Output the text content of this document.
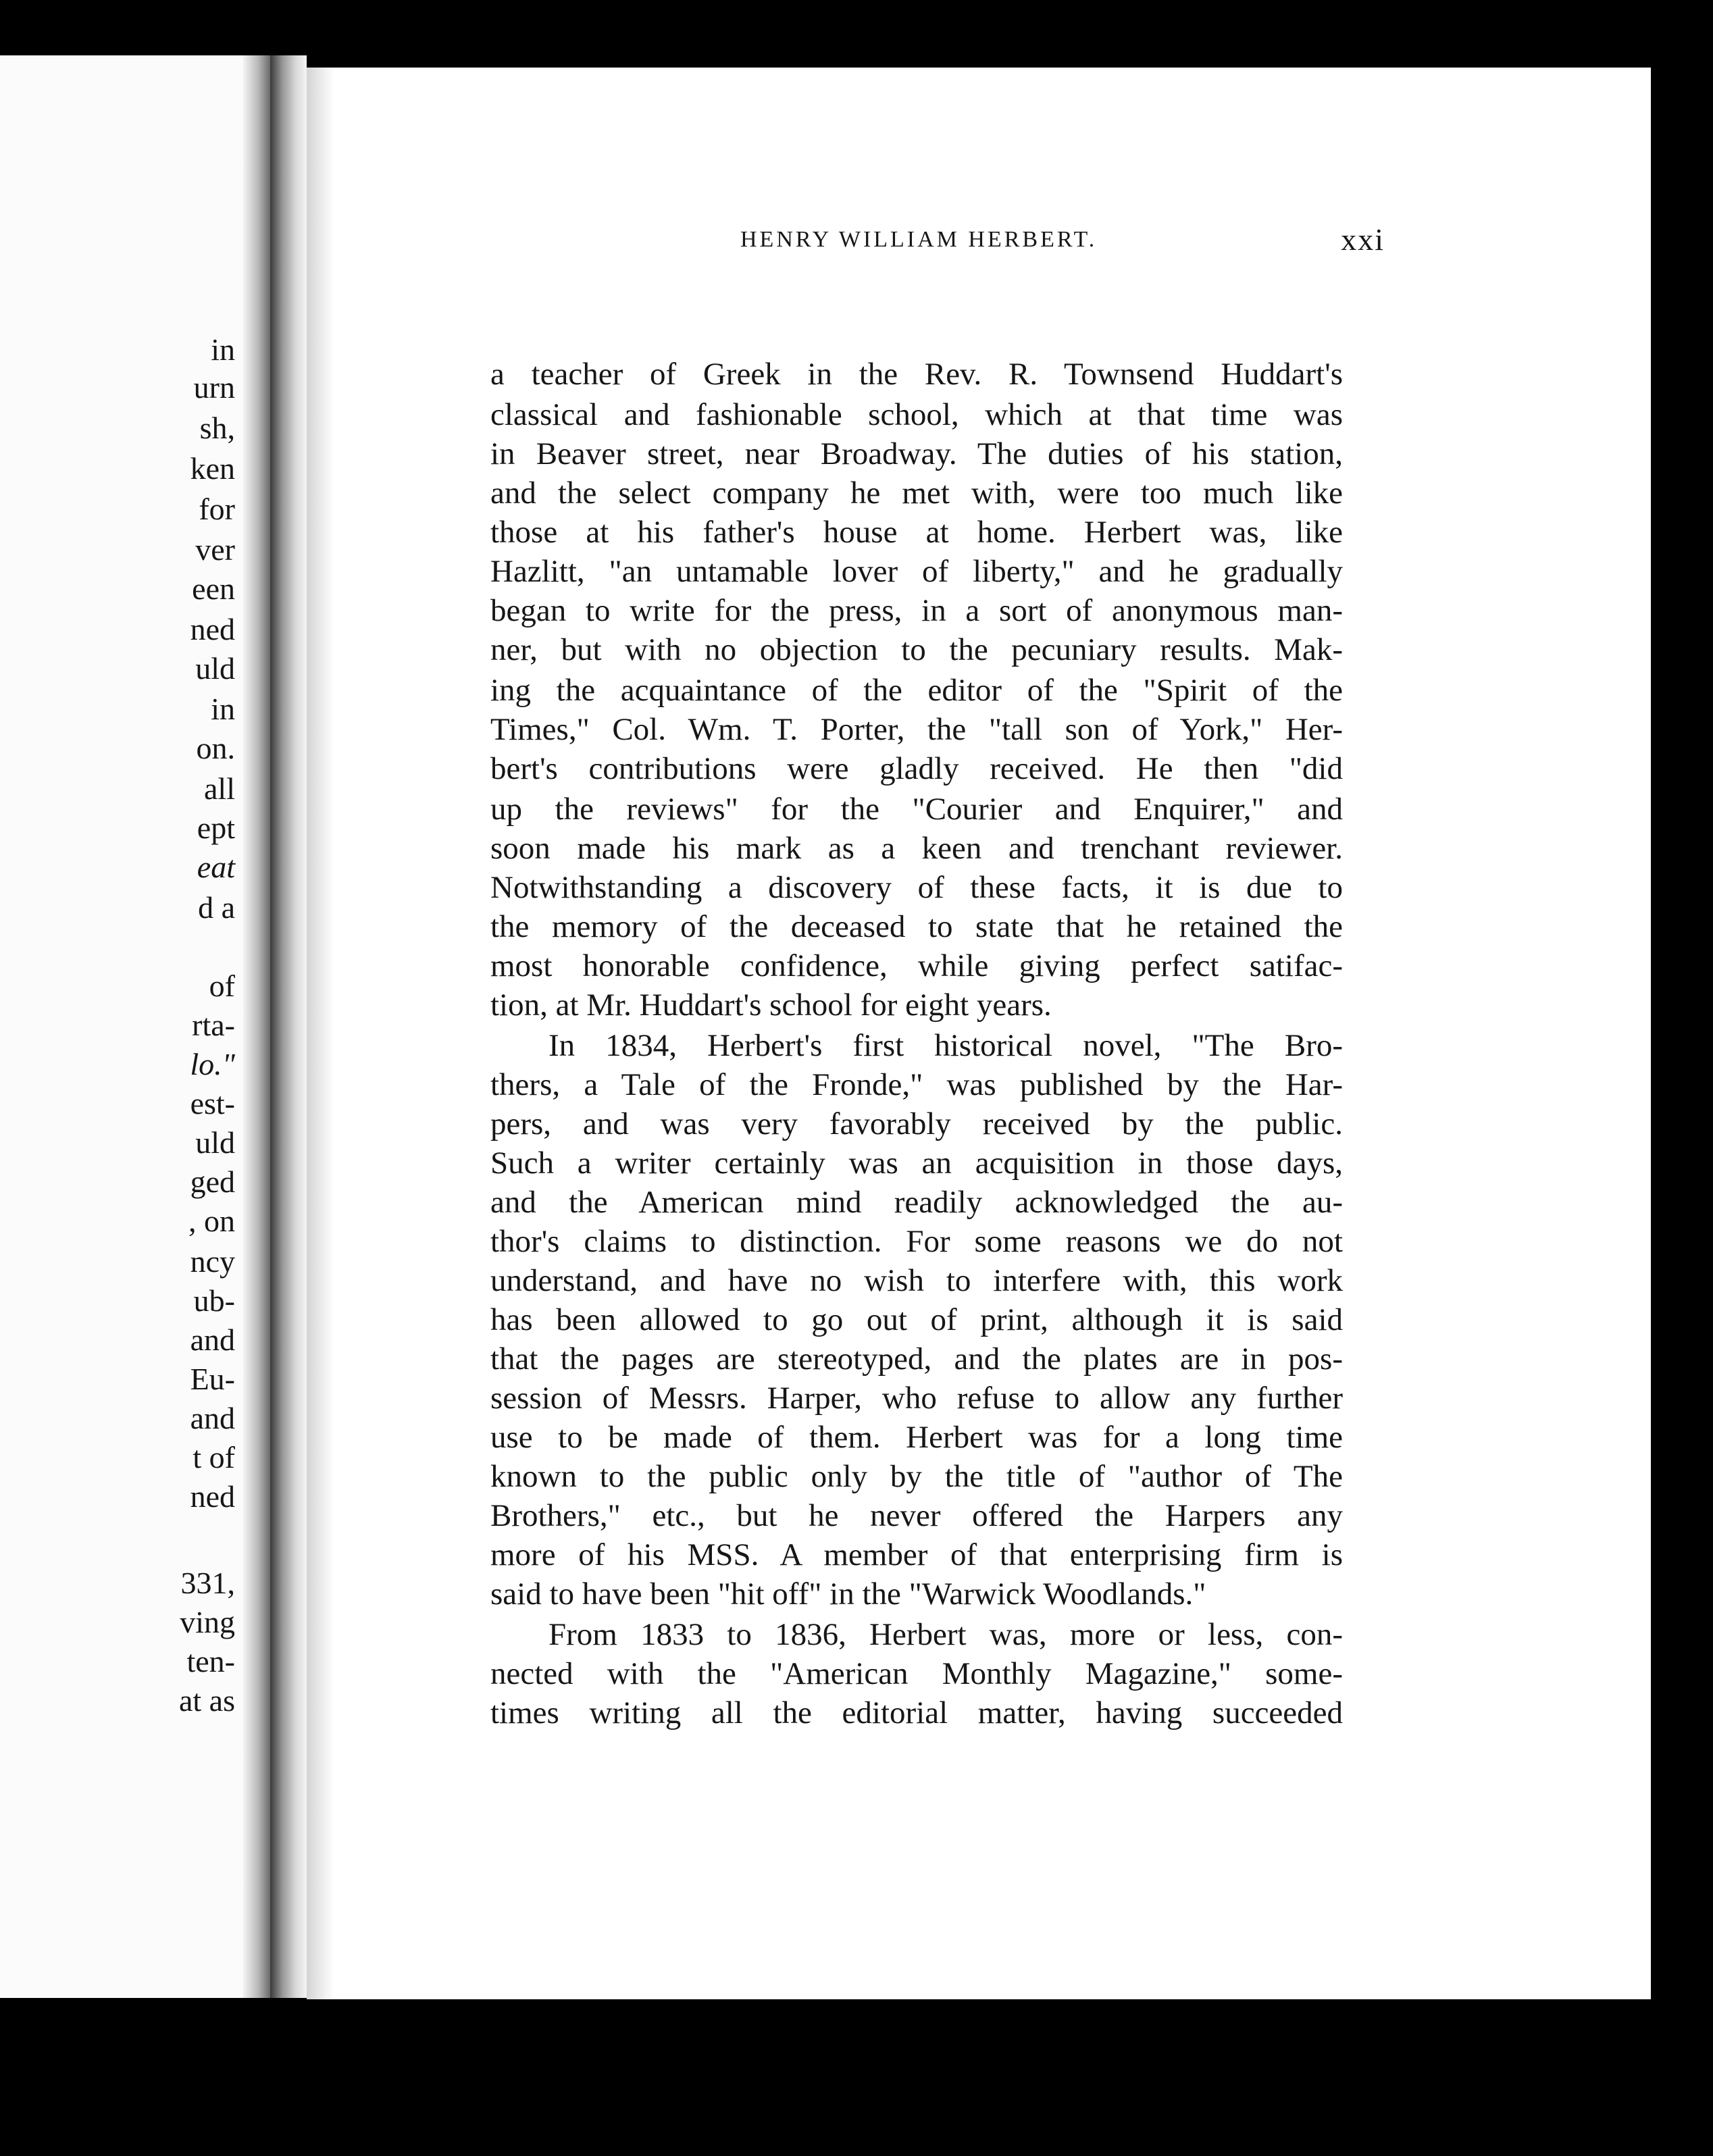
in
urn
sh,
ken
for
ver
een
ned
uld
in
on.
all
ept
eat
d a
of
rta-
lo."
est-
uld
ged
, on
ncy
ub-
and
Eu-
and
t of
ned
331,
ving
ten-
at as
HENRY WILLIAM HERBERT.	xxi
a teacher of Greek in the Rev. R. Townsend Huddart's
classical and fashionable school, which at that time was
in Beaver street, near Broadway. The duties of his station,
and the select company he met with, were too much like
those at his father's house at home. Herbert was, like
Hazlitt, "an untamable lover of liberty," and he gradually
began to write for the press, in a sort of anonymous man-
ner, but with no objection to the pecuniary results. Mak-
ing the acquaintance of the editor of the "Spirit of the
Times," Col. Wm. T. Porter, the "tall son of York," Her-
bert's contributions were gladly received. He then "did
up the reviews" for the "Courier and Enquirer," and
soon made his mark as a keen and trenchant reviewer.
Notwithstanding a discovery of these facts, it is due to
the memory of the deceased to state that he retained the
most honorable confidence, while giving perfect satifac-
tion, at Mr. Huddart's school for eight years.
In 1834, Herbert's first historical novel, "The Bro-
thers, a Tale of the Fronde," was published by the Har-
pers, and was very favorably received by the public.
Such a writer certainly was an acquisition in those days,
and the American mind readily acknowledged the au-
thor's claims to distinction. For some reasons we do not
understand, and have no wish to interfere with, this work
has been allowed to go out of print, although it is said
that the pages are stereotyped, and the plates are in pos-
session of Messrs. Harper, who refuse to allow any further
use to be made of them. Herbert was for a long time
known to the public only by the title of "author of The
Brothers," etc., but he never offered the Harpers any
more of his MSS. A member of that enterprising firm is
said to have been "hit off" in the "Warwick Woodlands."
From 1833 to 1836, Herbert was, more or less, con-
nected with the "American Monthly Magazine," some-
times writing all the editorial matter, having succeeded
